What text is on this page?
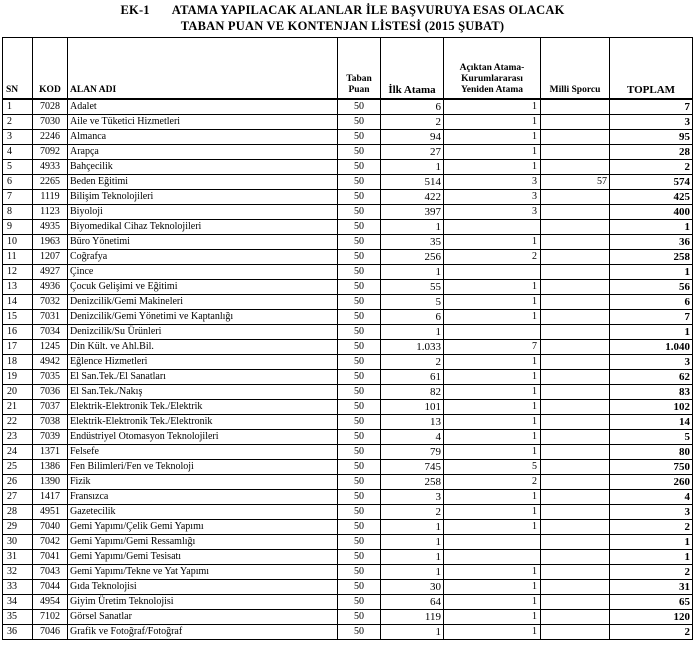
EK-1 ATAMA YAPILACAK ALANLAR İLE BAŞVURUYA ESAS OLACAK
TABAN PUAN VE KONTENJAN LİSTESİ (2015 ŞUBAT)
SN	KOD	ALAN ADI	Taban Puan	İlk Atama	Açıktan Atama-Kurumlararası Yeniden Atama	Milli Sporcu	TOPLAM
1	7028	Adalet	50	6	1		7
2	7030	Aile ve Tüketici Hizmetleri	50	2	1		3
3	2246	Almanca	50	94	1		95
4	7092	Arapça	50	27	1		28
5	4933	Bahçecilik	50	1	1		2
6	2265	Beden Eğitimi	50	514	3	57	574
7	1119	Bilişim Teknolojileri	50	422	3		425
8	1123	Biyoloji	50	397	3		400
9	4935	Biyomedikal Cihaz Teknolojileri	50	1			1
10	1963	Büro Yönetimi	50	35	1		36
11	1207	Coğrafya	50	256	2		258
12	4927	Çince	50	1			1
13	4936	Çocuk Gelişimi ve Eğitimi	50	55	1		56
14	7032	Denizcilik/Gemi Makineleri	50	5	1		6
15	7031	Denizcilik/Gemi Yönetimi ve Kaptanlığı	50	6	1		7
16	7034	Denizcilik/Su Ürünleri	50	1			1
17	1245	Din Kült. ve Ahl.Bil.	50	1.033	7		1.040
18	4942	Eğlence Hizmetleri	50	2	1		3
19	7035	El San.Tek./El Sanatları	50	61	1		62
20	7036	El San.Tek./Nakış	50	82	1		83
21	7037	Elektrik-Elektronik Tek./Elektrik	50	101	1		102
22	7038	Elektrik-Elektronik Tek./Elektronik	50	13	1		14
23	7039	Endüstriyel Otomasyon Teknolojileri	50	4	1		5
24	1371	Felsefe	50	79	1		80
25	1386	Fen Bilimleri/Fen ve Teknoloji	50	745	5		750
26	1390	Fizik	50	258	2		260
27	1417	Fransızca	50	3	1		4
28	4951	Gazetecilik	50	2	1		3
29	7040	Gemi Yapımı/Çelik Gemi Yapımı	50	1	1		2
30	7042	Gemi Yapımı/Gemi Ressamlığı	50	1			1
31	7041	Gemi Yapımı/Gemi Tesisatı	50	1			1
32	7043	Gemi Yapımı/Tekne ve Yat Yapımı	50	1	1		2
33	7044	Gıda Teknolojisi	50	30	1		31
34	4954	Giyim Üretim Teknolojisi	50	64	1		65
35	7102	Görsel Sanatlar	50	119	1		120
36	7046	Grafik ve Fotoğraf/Fotoğraf	50	1	1		2
